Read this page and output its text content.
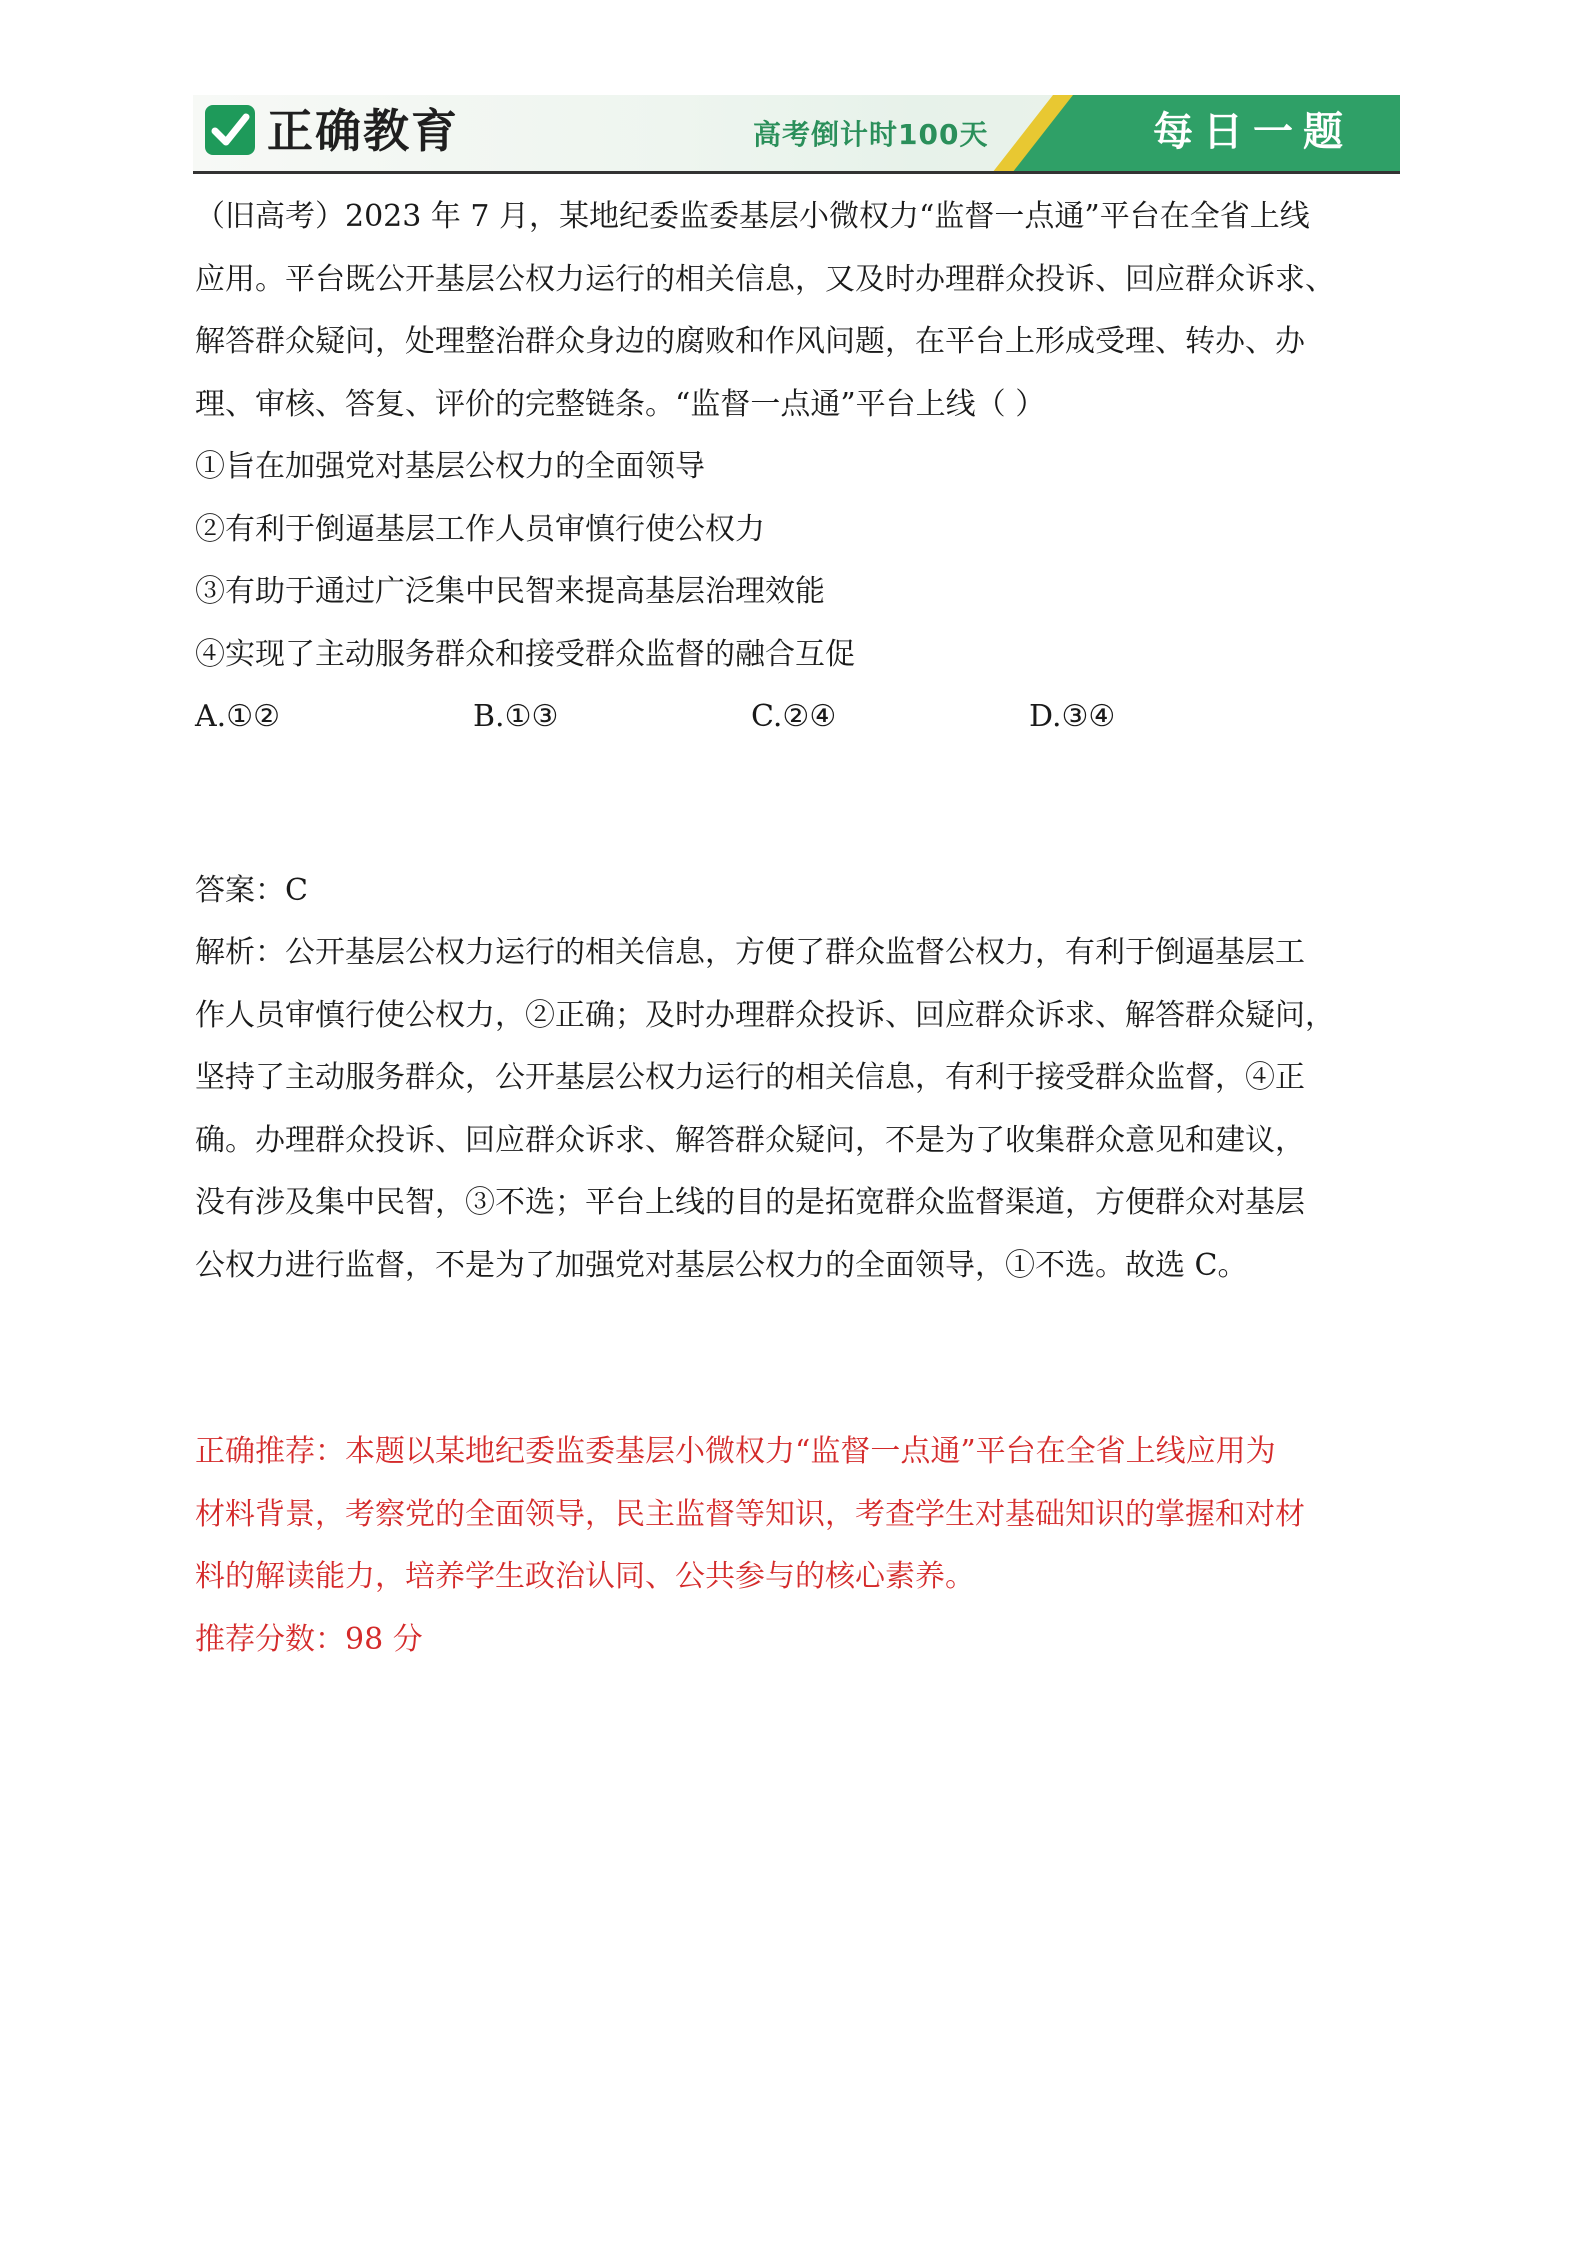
正确教育	高考倒计时100天	每日一题

（旧高考）2023 年 7 月，某地纪委监委基层小微权力“监督一点通”平台在全省上线

应用。平台既公开基层公权力运行的相关信息，又及时办理群众投诉、回应群众诉求、

解答群众疑问，处理整治群众身边的腐败和作风问题，在平台上形成受理、转办、办

理、审核、答复、评价的完整链条。“监督一点通”平台上线（ ）

①旨在加强党对基层公权力的全面领导

②有利于倒逼基层工作人员审慎行使公权力

③有助于通过广泛集中民智来提高基层治理效能

④实现了主动服务群众和接受群众监督的融合互促

A.①②	B.①③	C.②④	D.③④

答案：C

解析：公开基层公权力运行的相关信息，方便了群众监督公权力，有利于倒逼基层工

作人员审慎行使公权力，②正确；及时办理群众投诉、回应群众诉求、解答群众疑问，

坚持了主动服务群众，公开基层公权力运行的相关信息，有利于接受群众监督，④正

确。办理群众投诉、回应群众诉求、解答群众疑问，不是为了收集群众意见和建议，

没有涉及集中民智，③不选；平台上线的目的是拓宽群众监督渠道，方便群众对基层

公权力进行监督，不是为了加强党对基层公权力的全面领导，①不选。故选 C。

正确推荐：本题以某地纪委监委基层小微权力“监督一点通”平台在全省上线应用为

材料背景，考察党的全面领导，民主监督等知识，考查学生对基础知识的掌握和对材

料的解读能力，培养学生政治认同、公共参与的核心素养。

推荐分数：98 分
